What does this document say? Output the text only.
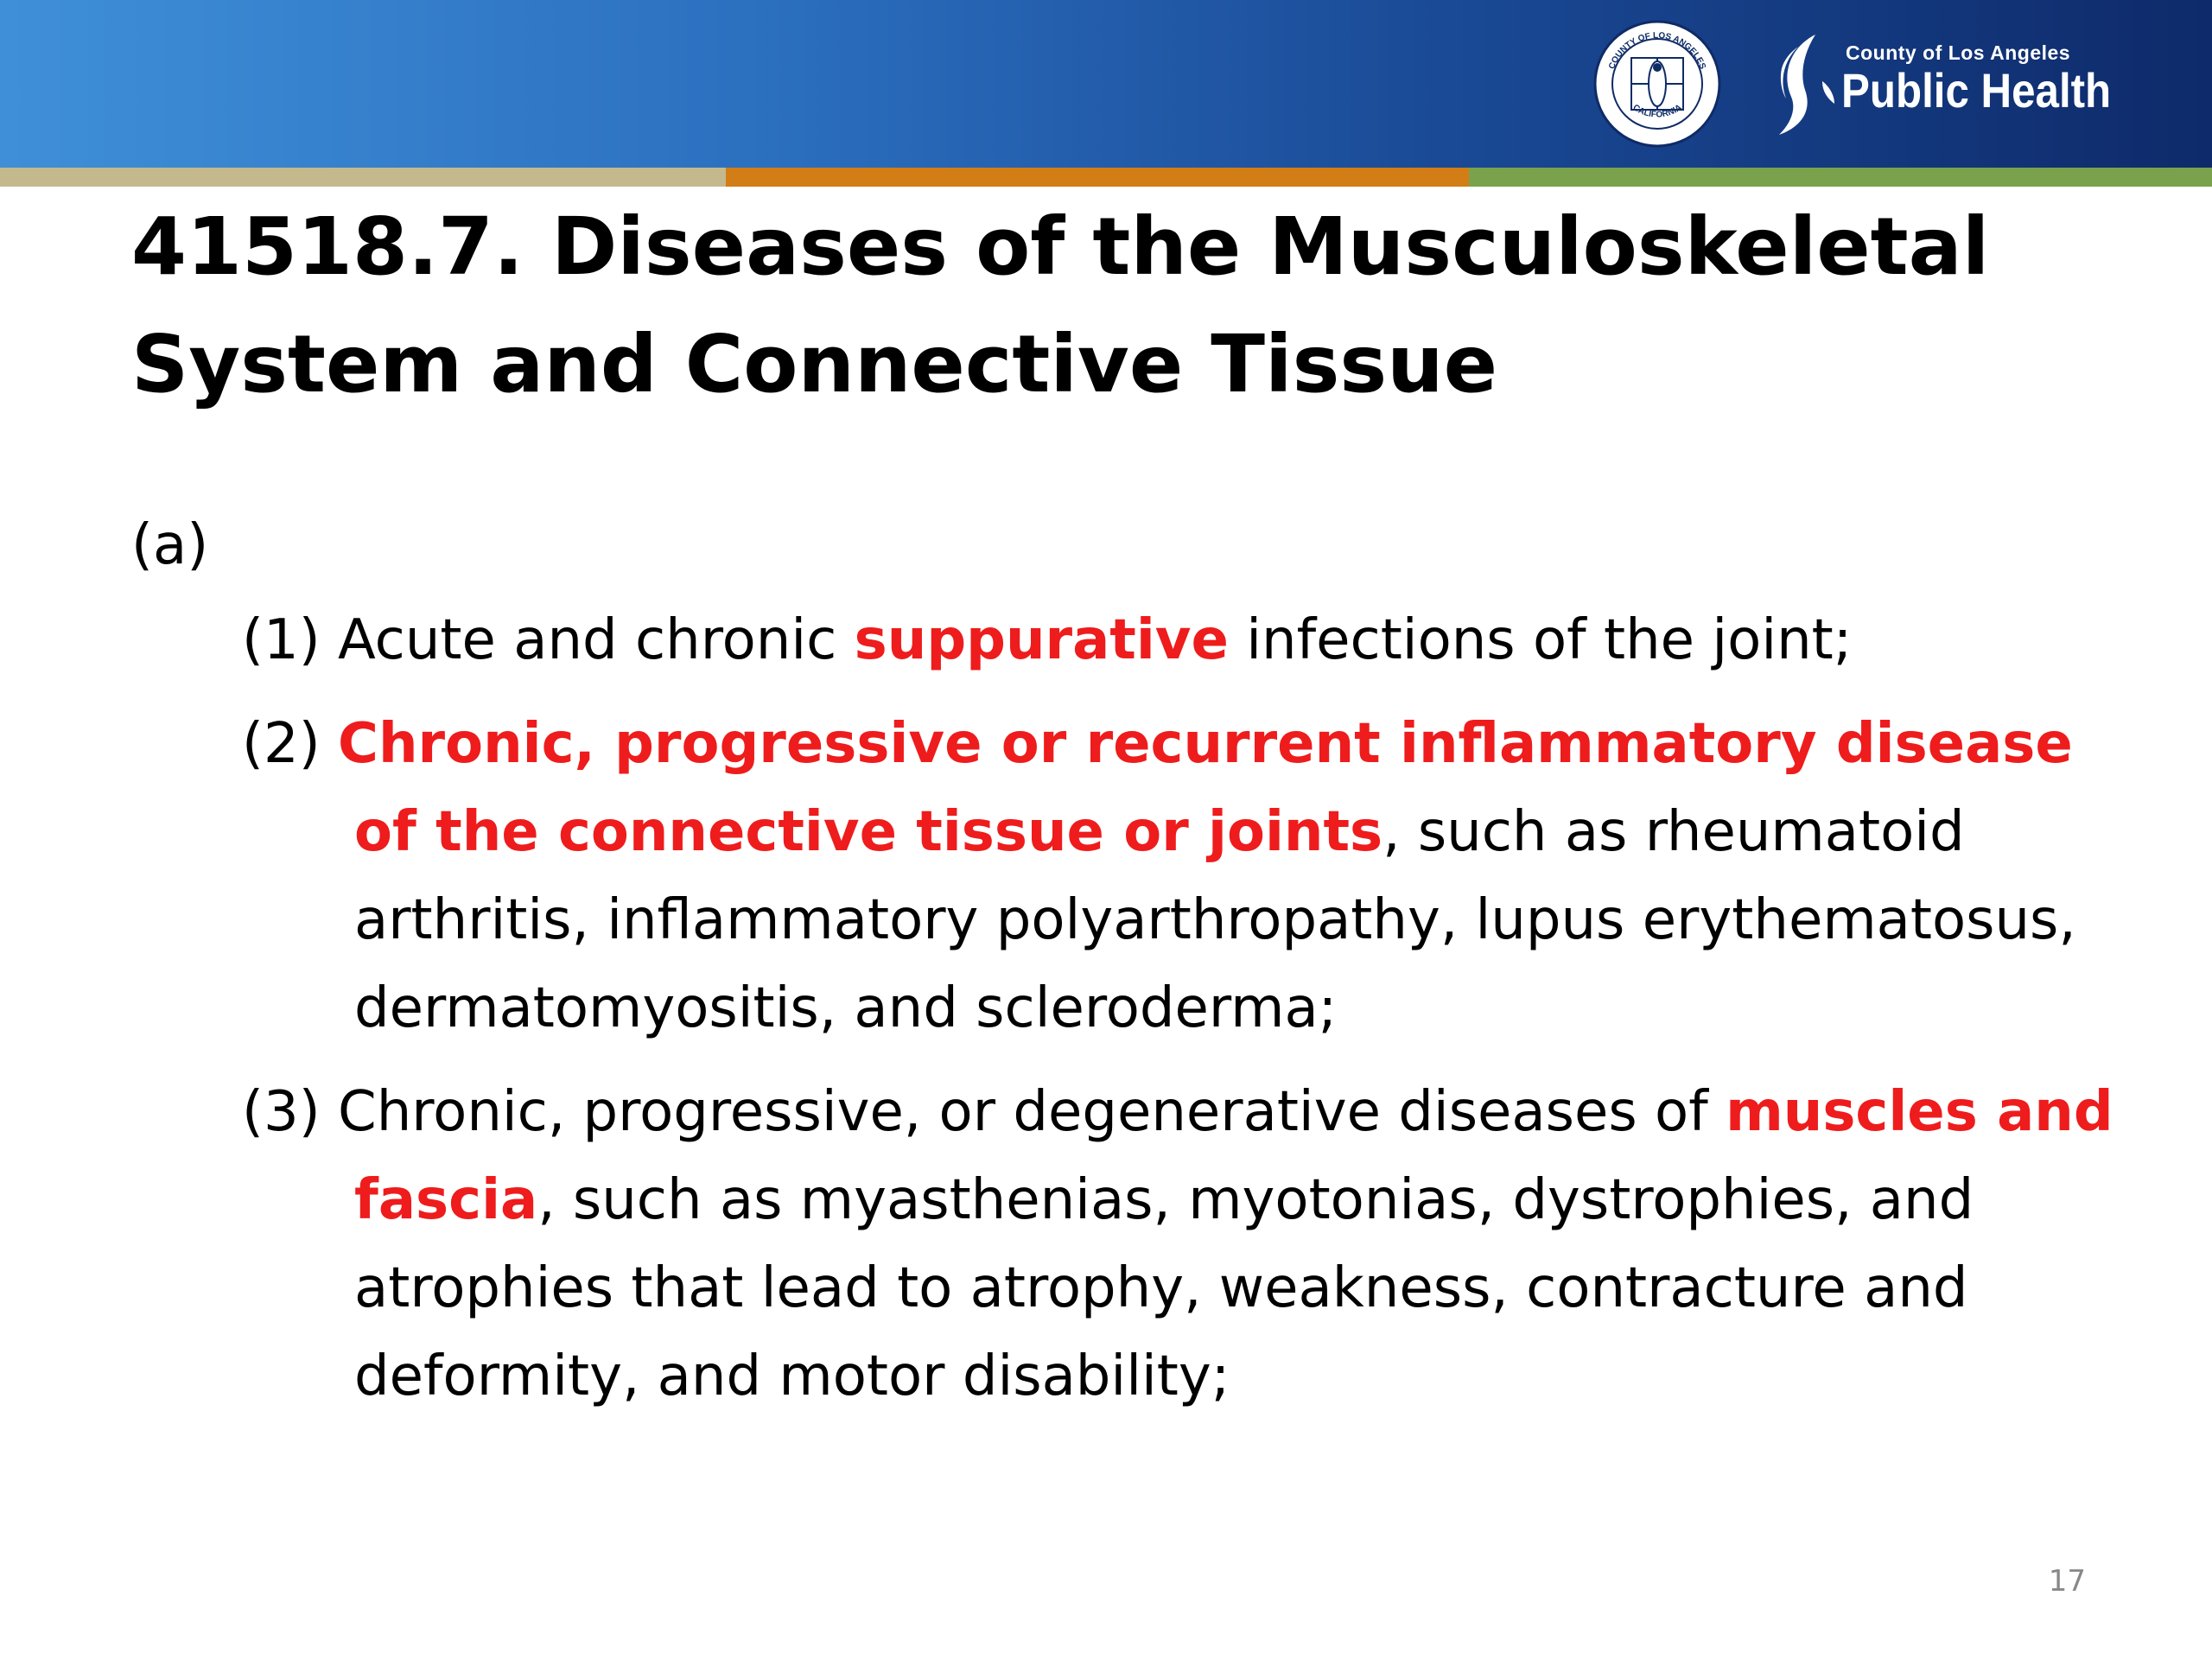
COUNTY OF LOS ANGELES
CALIFORNIA
County of Los Angeles
Public Health
41518.7. Diseases of the Musculoskeletal System and Connective Tissue

(a)

(1) Acute and chronic suppurative infections of the joint;

(2) Chronic, progressive or recurrent inflammatory disease of the connective tissue or joints, such as rheumatoid arthritis, inflammatory polyarthropathy, lupus erythematosus, dermatomyositis, and scleroderma;

(3) Chronic, progressive, or degenerative diseases of muscles and fascia, such as myasthenias, myotonias, dystrophies, and atrophies that lead to atrophy, weakness, contracture and deformity, and motor disability;

17
